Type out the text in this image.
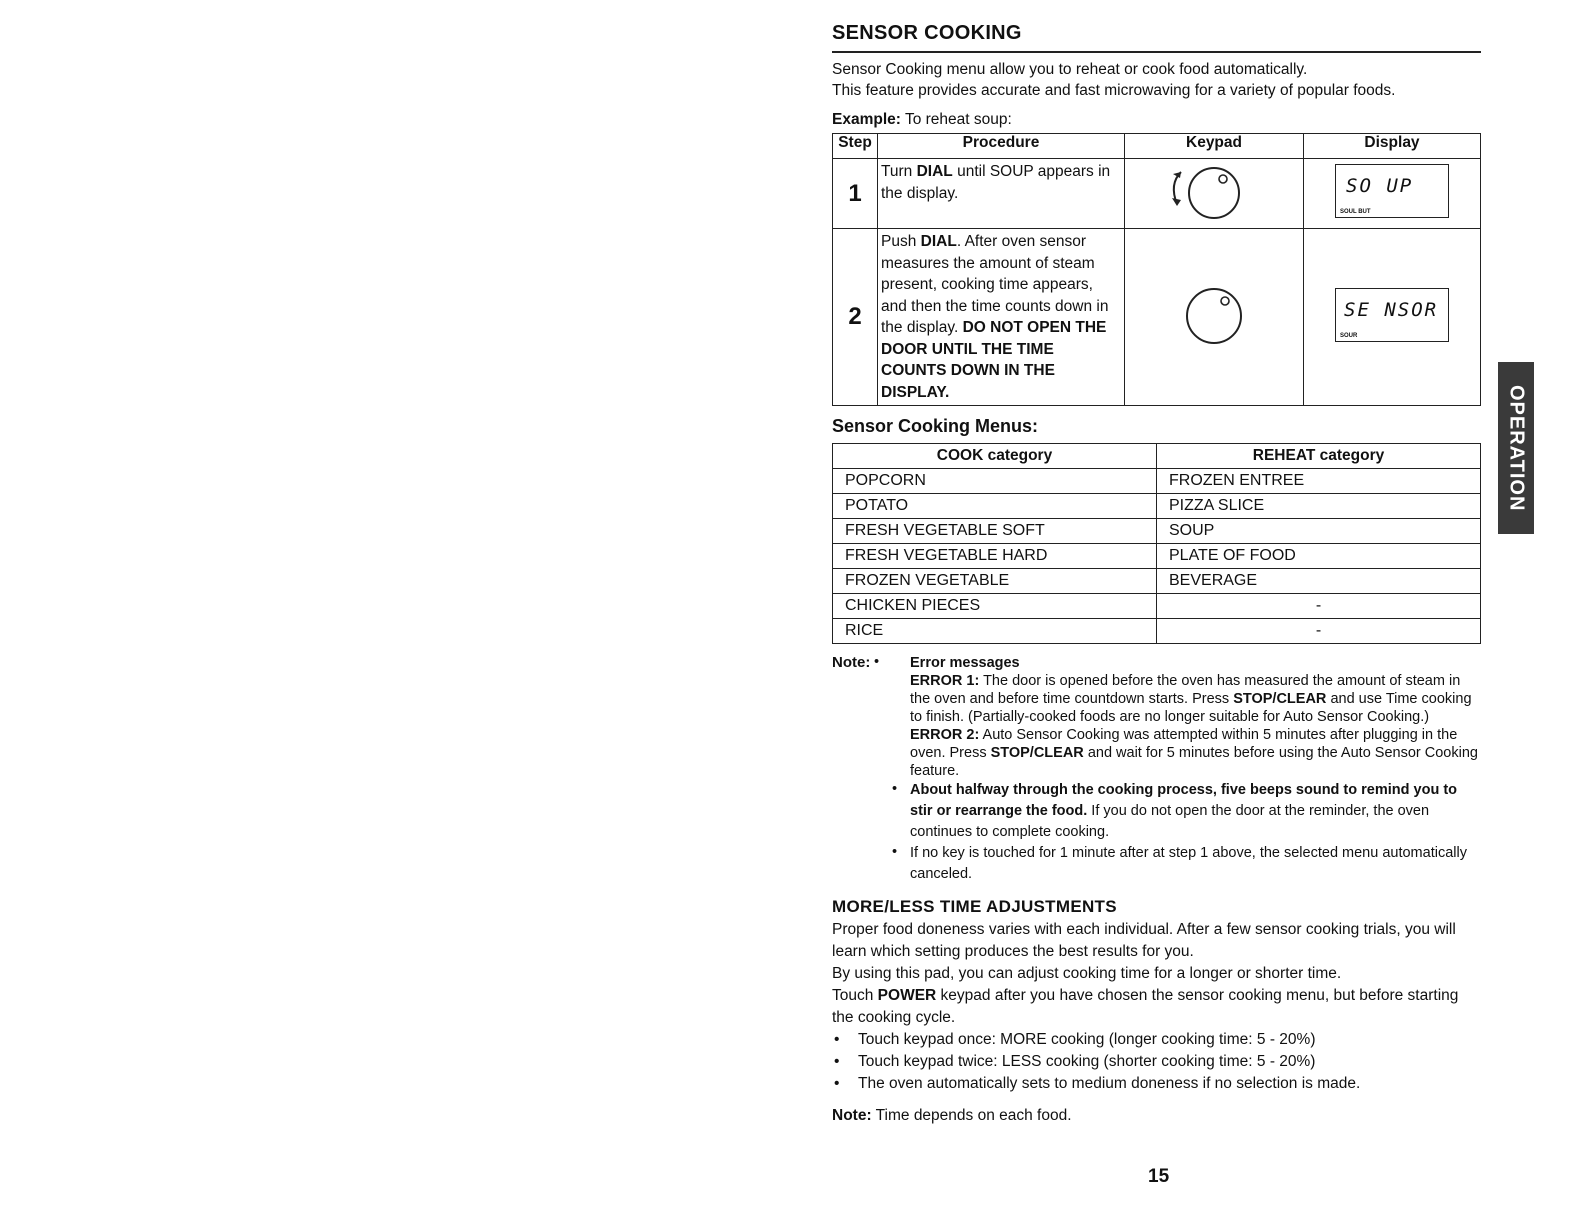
SENSOR COOKING
Sensor Cooking menu allow you to reheat or cook food automatically.
This feature provides accurate and fast microwaving for a variety of popular foods.
Example: To reheat soup:
Step	Procedure	Keypad	Display
1	Turn DIAL until SOUP appears in the display.		SO UP
SOUL BUT

2	Push DIAL. After oven sensor measures the amount of steam present, cooking time appears, and then the time counts down in the display. DO NOT OPEN THE DOOR UNTIL THE TIME COUNTS DOWN IN THE DISPLAY.		SE NSOR
SOUR
Sensor Cooking Menus:
COOK category	REHEAT category
POPCORN	FROZEN ENTREE
POTATO	PIZZA SLICE
FRESH VEGETABLE SOFT	SOUP
FRESH VEGETABLE HARD	PLATE OF FOOD
FROZEN VEGETABLE	BEVERAGE
CHICKEN PIECES	-
RICE	-
Note: •	Error messages
ERROR 1: The door is opened before the oven has measured the amount of steam in the oven and before time countdown starts. Press STOP/CLEAR and use Time cooking to finish. (Partially-cooked foods are no longer suitable for Auto Sensor Cooking.)
ERROR 2: Auto Sensor Cooking was attempted within 5 minutes after plugging in the oven. Press STOP/CLEAR and wait for 5 minutes before using the Auto Sensor Cooking feature.
• About halfway through the cooking process, five beeps sound to remind you to stir or rearrange the food. If you do not open the door at the reminder, the oven continues to complete cooking.
• If no key is touched for 1 minute after at step 1 above, the selected menu automatically canceled.
MORE/LESS TIME ADJUSTMENTS
Proper food doneness varies with each individual. After a few sensor cooking trials, you will learn which setting produces the best results for you.
By using this pad, you can adjust cooking time for a longer or shorter time.
Touch POWER keypad after you have chosen the sensor cooking menu, but before starting the cooking cycle.
•	Touch keypad once: MORE cooking (longer cooking time: 5 - 20%)
•	Touch keypad twice: LESS cooking (shorter cooking time: 5 - 20%)
•	The oven automatically sets to medium doneness if no selection is made.
Note: Time depends on each food.
15
OPERATION
